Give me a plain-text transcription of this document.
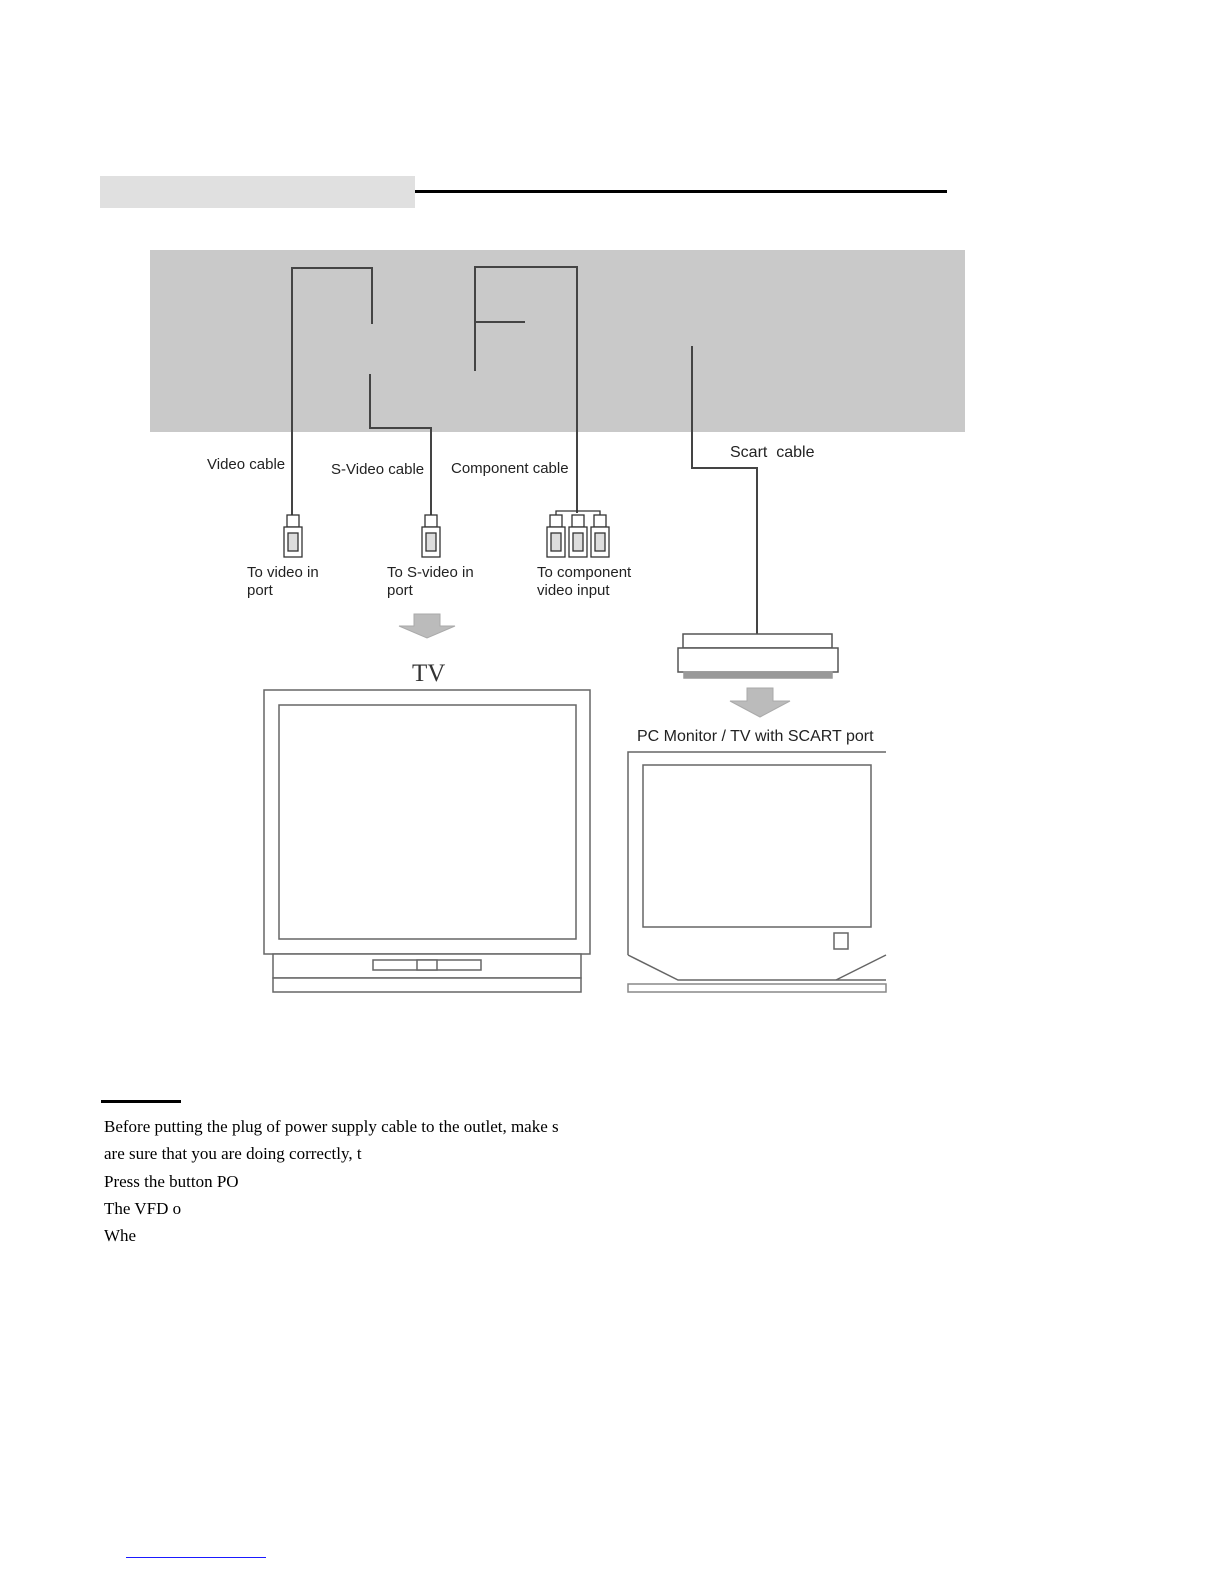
Video cable	S-Video cable Component cable
Scart  cable
To video in
port
To S-video in
port
To component
video input
TV
PC Monitor / TV with SCART port
Before putting the plug of power supply cable to the outlet, make s
are sure that you are doing correctly, t
Press the button PO
The VFD o
Whe
